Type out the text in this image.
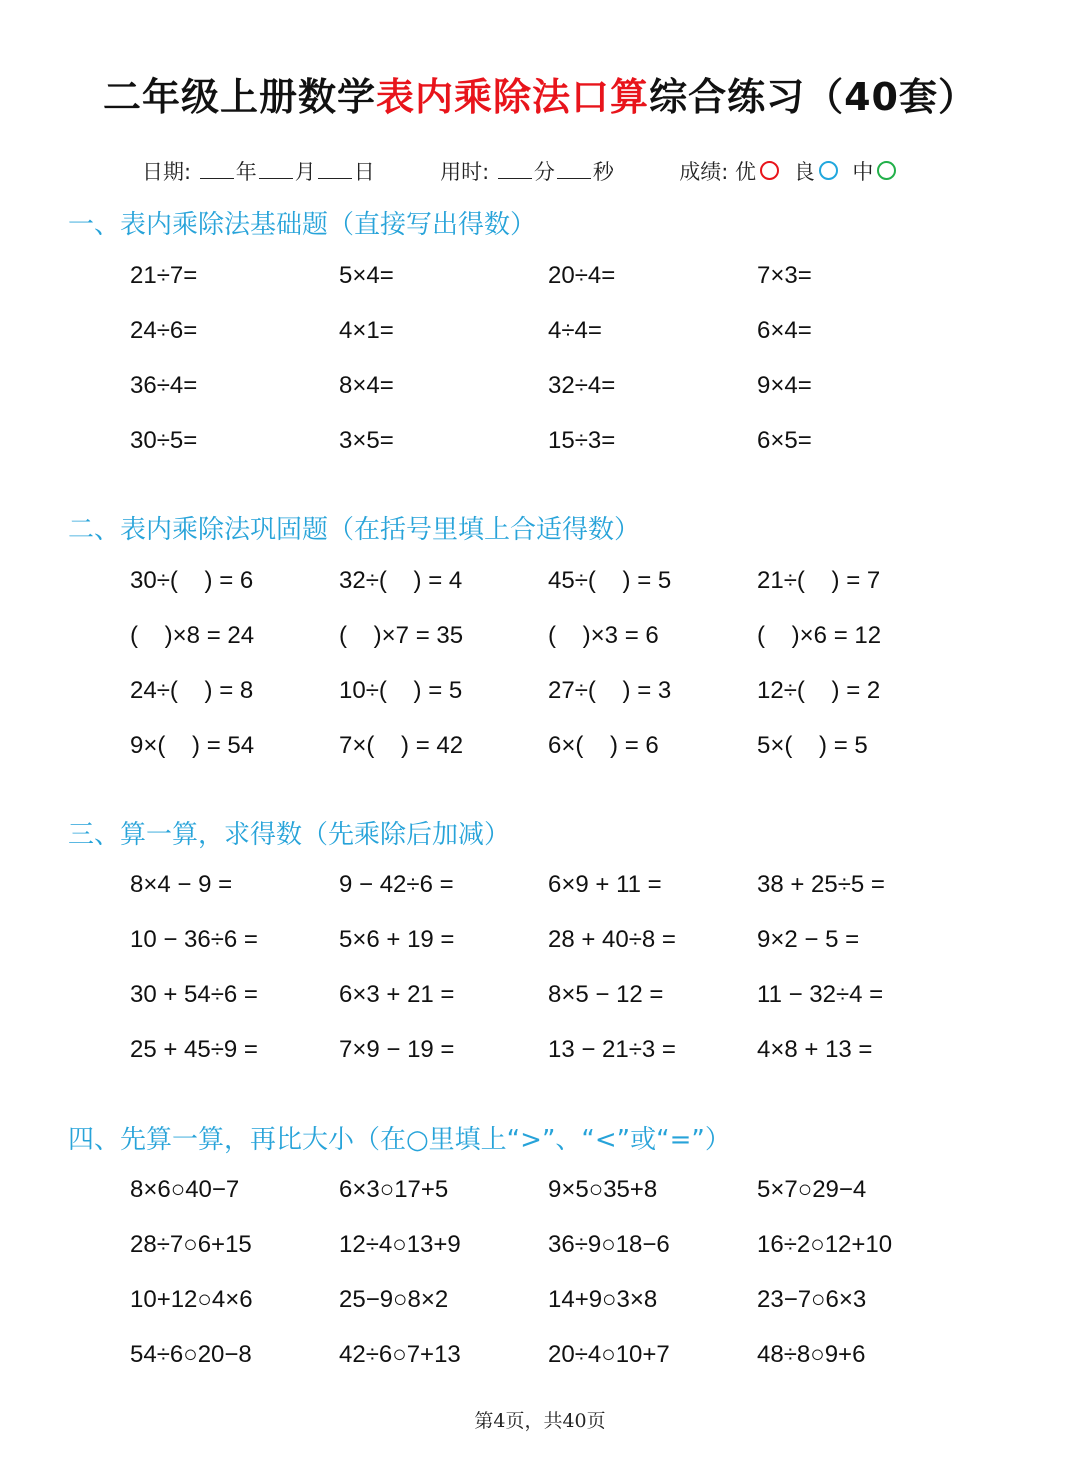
二年级上册数学表内乘除法口算综合练习（40套）
日期: 年 月 日	用时: 分 秒	成绩: 优 良 中
一、表内乘除法基础题（直接写出得数）
21÷7=	5×4=	20÷4=	7×3=
24÷6=	4×1=	4÷4=	6×4=
36÷4=	8×4=	32÷4=	9×4=
30÷5=	3×5=	15÷3=	6×5=
二、表内乘除法巩固题（在括号里填上合适得数）
30÷(    ) = 6	32÷(    ) = 4	45÷(    ) = 5	21÷(    ) = 7
(    )×8 = 24	(    )×7 = 35	(    )×3 = 6	(    )×6 = 12
24÷(    ) = 8	10÷(    ) = 5	27÷(    ) = 3	12÷(    ) = 2
9×(    ) = 54	7×(    ) = 42	6×(    ) = 6	5×(    ) = 5
三、算一算，求得数（先乘除后加减）
8×4 − 9 =	9 − 42÷6 =	6×9 + 11 =	38 + 25÷5 =
10 − 36÷6 =	5×6 + 19 =	28 + 40÷8 =	9×2 − 5 =
30 + 54÷6 =	6×3 + 21 =	8×5 − 12 =	11 − 32÷4 =
25 + 45÷9 =	7×9 − 19 =	13 − 21÷3 =	4×8 + 13 =
四、先算一算，再比大小（在○里填上“>”、“<”或“=”）
8×6○40−7	6×3○17+5	9×5○35+8	5×7○29−4
28÷7○6+15	12÷4○13+9	36÷9○18−6	16÷2○12+10
10+12○4×6	25−9○8×2	14+9○3×8	23−7○6×3
54÷6○20−8	42÷6○7+13	20÷4○10+7	48÷8○9+6
第4页，共40页
